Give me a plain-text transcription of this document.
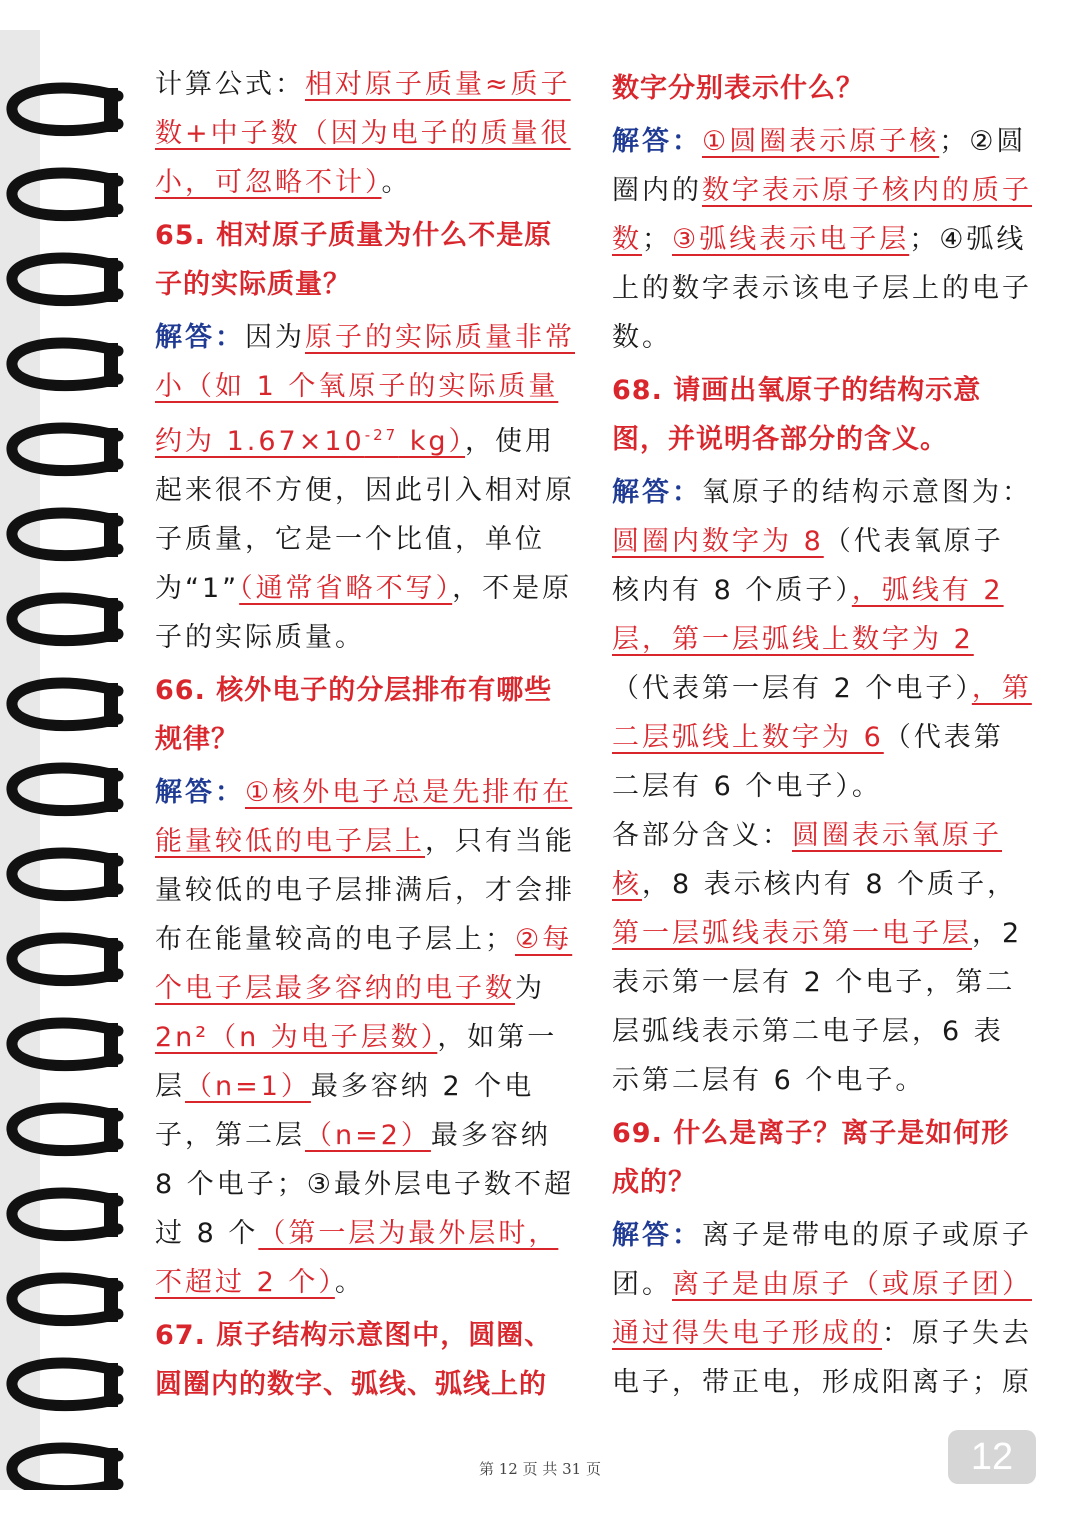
计算公式：相对原子质量≈质子数+中子数（因为电子的质量很小，可忽略不计）。

65. 相对原子质量为什么不是原子的实际质量？

解答：因为原子的实际质量非常小（如 1 个氧原子的实际质量约为 $1.67\times 10^{-27}$ kg），使用起来很不方便，因此引入相对原子质量，它是一个比值，单位为“1”（通常省略不写），不是原子的实际质量。

66. 核外电子的分层排布有哪些规律？

解答：①核外电子总是先排布在能量较低的电子层上，只有当能量较低的电子层排满后，才会排布在能量较高的电子层上；②每个电子层最多容纳的电子数为2n²（n 为电子层数），如第一层（n=1）最多容纳 2 个电子，第二层（n=2）最多容纳 8 个电子；③最外层电子数不超过 8 个（第一层为最外层时，不超过 2 个）。

67. 原子结构示意图中，圆圈、圆圈内的数字、弧线、弧线上的

数字分别表示什么？

解答：①圆圈表示原子核；②圆圈内的数字表示原子核内的质子数；③弧线表示电子层；④弧线上的数字表示该电子层上的电子数。

68. 请画出氧原子的结构示意图，并说明各部分的含义。

解答：氧原子的结构示意图为：圆圈内数字为 8（代表氧原子核内有 8 个质子），弧线有 2 层，第一层弧线上数字为 2（代表第一层有 2 个电子），第二层弧线上数字为 6（代表第二层有 6 个电子）。

各部分含义：圆圈表示氧原子核，8 表示核内有 8 个质子，第一层弧线表示第一电子层，2 表示第一层有 2 个电子，第二层弧线表示第二电子层，6 表示第二层有 6 个电子。

69. 什么是离子？离子是如何形成的？

解答：离子是带电的原子或原子团。离子是由原子（或原子团）通过得失电子形成的：原子失去电子，带正电，形成阳离子；原

第 12 页 共 31 页	12
